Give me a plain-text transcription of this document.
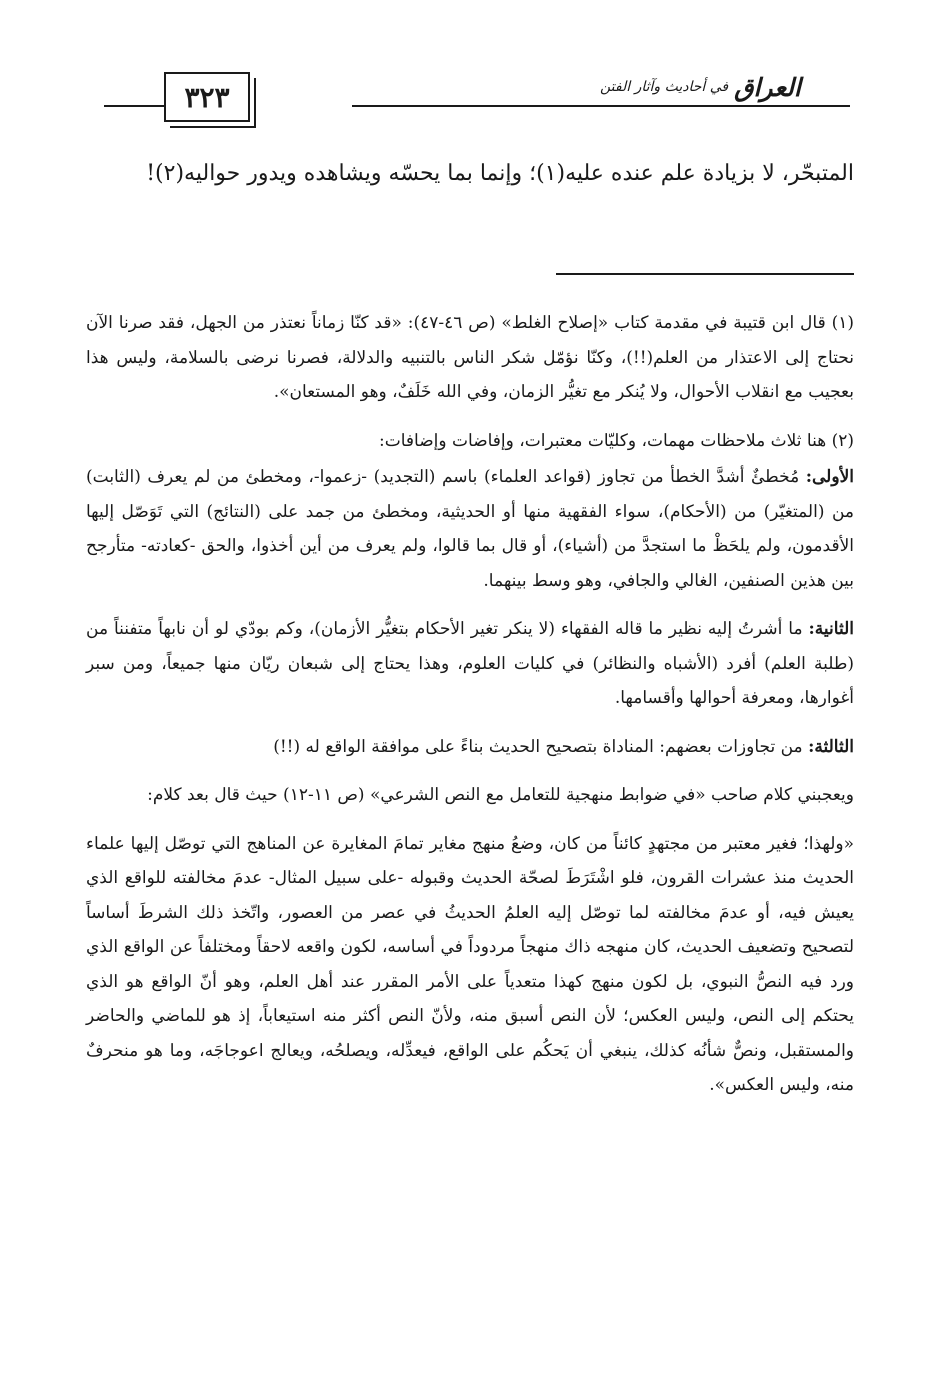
٣٢٣	العراق
في أحاديث وآثار الفتن

المتبحّر، لا بزيادة علم عنده عليه(١)؛ وإنما بما يحسّه ويشاهده ويدور حواليه(٢)!

(١) قال ابن قتيبة في مقدمة كتاب «إصلاح الغلط» (ص ٤٦-٤٧): «قد كنّا زماناً نعتذر من الجهل، فقد صرنا الآن نحتاج إلى الاعتذار من العلم(!!)، وكنّا نؤمّل شكر الناس بالتنبيه والدلالة، فصرنا نرضى بالسلامة، وليس هذا بعجيب مع انقلاب الأحوال، ولا يُنكر مع تغيُّر الزمان، وفي الله خَلَفٌ، وهو المستعان».

(٢) هنا ثلاث ملاحظات مهمات، وكليّات معتبرات، وإفاضات وإضافات:

الأولى: مُخطئٌ أشدَّ الخطأ من تجاوز (قواعد العلماء) باسم (التجديد) -زعموا-، ومخطئ من لم يعرف (الثابت) من (المتغيّر) من (الأحكام)، سواء الفقهية منها أو الحديثية، ومخطئ من جمد على (النتائج) التي تَوَصّل إليها الأقدمون، ولم يلحَظْ ما استجدَّ من (أشياء)، أو قال بما قالوا، ولم يعرف من أين أخذوا، والحق -كعادته- متأرجح بين هذين الصنفين، الغالي والجافي، وهو وسط بينهما.

الثانية: ما أشرتُ إليه نظير ما قاله الفقهاء (لا ينكر تغير الأحكام بتغيُّر الأزمان)، وكم بودّي لو أن نابهاً متفنناً من (طلبة العلم) أفرد (الأشباه والنظائر) في كليات العلوم، وهذا يحتاج إلى شبعان ريّان منها جميعاً، ومن سبر أغوارها، ومعرفة أحوالها وأقسامها.

الثالثة: من تجاوزات بعضهم: المناداة بتصحيح الحديث بناءً على موافقة الواقع له (!!)

ويعجبني كلام صاحب «في ضوابط منهجية للتعامل مع النص الشرعي» (ص ١١-١٢) حيث قال بعد كلام:

«ولهذا؛ فغير معتبر من مجتهدٍ كائناً من كان، وضعُ منهج مغاير تمامَ المغايرة عن المناهج التي توصّل إليها علماء الحديث منذ عشرات القرون، فلو اشْتَرَطَ لصحّة الحديث وقبوله -على سبيل المثال- عدمَ مخالفته للواقع الذي يعيش فيه، أو عدمَ مخالفته لما توصّل إليه العلمُ الحديثُ في عصر من العصور، واتّخذ ذلك الشرطَ أساساً لتصحيح وتضعيف الحديث، كان منهجه ذاك منهجاً مردوداً في أساسه، لكون واقعه لاحقاً ومختلفاً عن الواقع الذي ورد فيه النصُّ النبوي، بل لكون منهج كهذا متعدياً على الأمر المقرر عند أهل العلم، وهو أنّ الواقع هو الذي يحتكم إلى النص، وليس العكس؛ لأن النص أسبق منه، ولأنّ النص أكثر منه استيعاباً، إذ هو للماضي والحاضر والمستقبل، ونصٌّ شأنُه كذلك، ينبغي أن يَحكُم على الواقع، فيعدِّله، ويصلحُه، ويعالج اعوجاجَه، وما هو منحرفٌ منه، وليس العكس».
